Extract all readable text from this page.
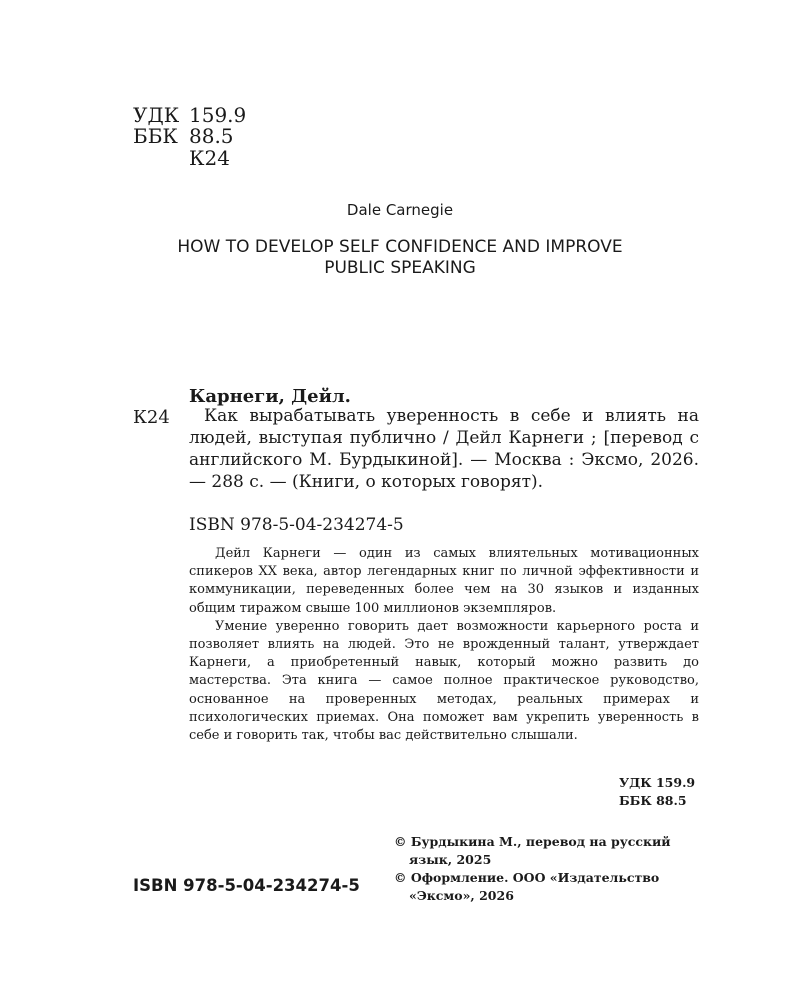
УДК 159.9
ББК 88.5
К24
Dale Carnegie
HOW TO DEVELOP SELF CONFIDENCE AND IMPROVE
PUBLIC SPEAKING
Карнеги, Дейл.
К24	Как вырабатывать уверенность в себе и влиять на людей, выступая публично / Дейл Карнеги ; [перевод с английского М. Бурдыкиной]. — Москва : Эксмо, 2026. — 288 с. — (Книги, о которых говорят).
ISBN 978-5-04-234274-5

Дейл Карнеги — один из самых влиятельных мотивационных спикеров XX века, автор легендарных книг по личной эффективности и коммуникации, переведенных более чем на 30 языков и изданных общим тиражом свыше 100 миллионов экземпляров.

Умение уверенно говорить дает возможности карьерного роста и позволяет влиять на людей. Это не врожденный талант, утверждает Карнеги, а приобретенный навык, который можно развить до мастерства. Эта книга — самое полное практическое руководство, основанное на проверенных методах, реальных примерах и психологических приемах. Она поможет вам укрепить уверенность в себе и говорить так, чтобы вас действительно слышали.

УДК 159.9
ББК 88.5

© Бурдыкина М., перевод на русский язык, 2025

© Оформление. ООО «Издательство «Эксмо», 2026

ISBN 978-5-04-234274-5
